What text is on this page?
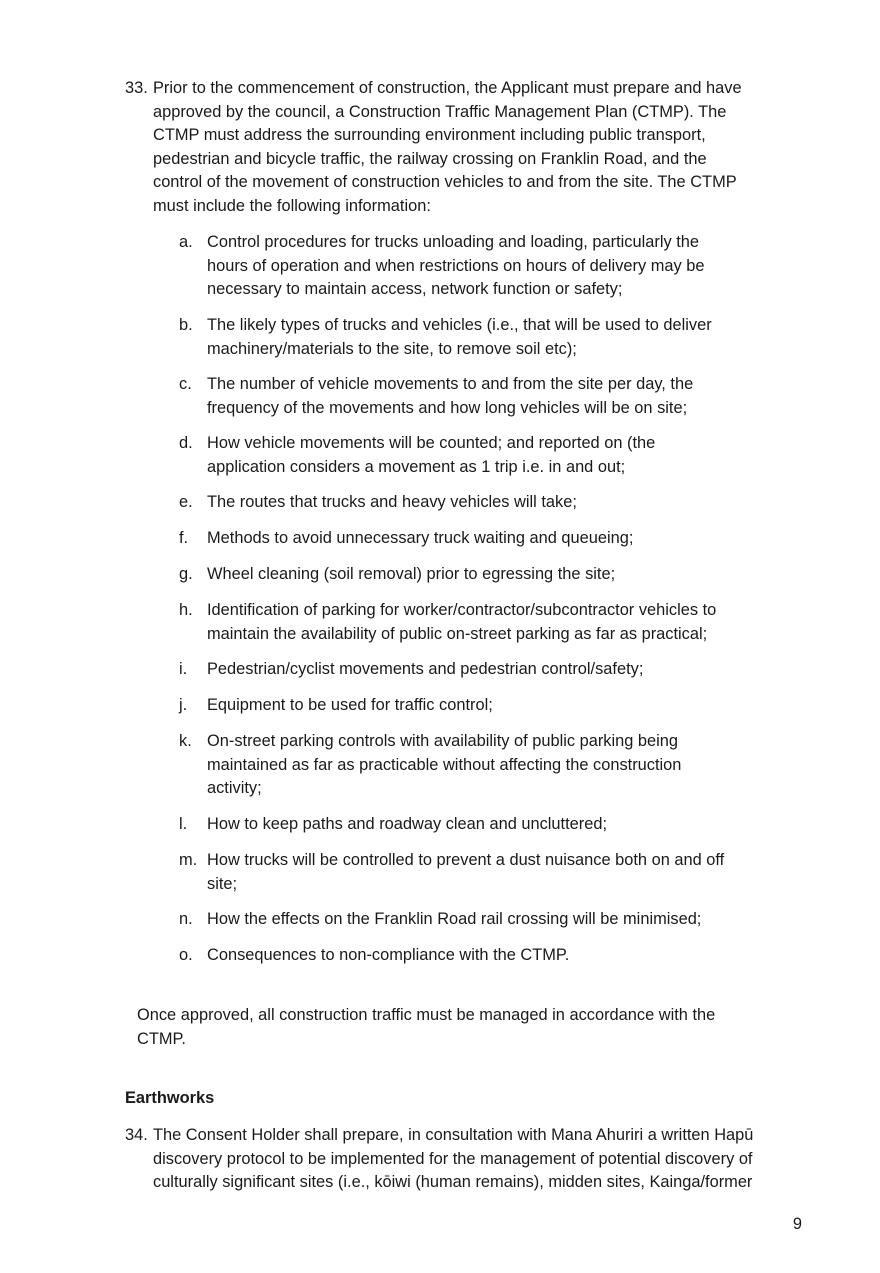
33. Prior to the commencement of construction, the Applicant must prepare and have
approved by the council, a Construction Traffic Management Plan (CTMP). The
CTMP must address the surrounding environment including public transport,
pedestrian and bicycle traffic, the railway crossing on Franklin Road, and the
control of the movement of construction vehicles to and from the site. The CTMP
must include the following information:
a. Control procedures for trucks unloading and loading, particularly the
hours of operation and when restrictions on hours of delivery may be
necessary to maintain access, network function or safety;
b. The likely types of trucks and vehicles (i.e., that will be used to deliver
machinery/materials to the site, to remove soil etc);
c. The number of vehicle movements to and from the site per day, the
frequency of the movements and how long vehicles will be on site;
d. How vehicle movements will be counted; and reported on (the
application considers a movement as 1 trip i.e. in and out;
e. The routes that trucks and heavy vehicles will take;
f. Methods to avoid unnecessary truck waiting and queueing;
g. Wheel cleaning (soil removal) prior to egressing the site;
h. Identification of parking for worker/contractor/subcontractor vehicles to
maintain the availability of public on-street parking as far as practical;
i. Pedestrian/cyclist movements and pedestrian control/safety;
j. Equipment to be used for traffic control;
k. On-street parking controls with availability of public parking being
maintained as far as practicable without affecting the construction
activity;
l. How to keep paths and roadway clean and uncluttered;
m. How trucks will be controlled to prevent a dust nuisance both on and off
site;
n. How the effects on the Franklin Road rail crossing will be minimised;
o. Consequences to non-compliance with the CTMP.
Once approved, all construction traffic must be managed in accordance with the
CTMP.
Earthworks
34. The Consent Holder shall prepare, in consultation with Mana Ahuriri a written Hapū
discovery protocol to be implemented for the management of potential discovery of
culturally significant sites (i.e., kōiwi (human remains), midden sites, Kainga/former
9
